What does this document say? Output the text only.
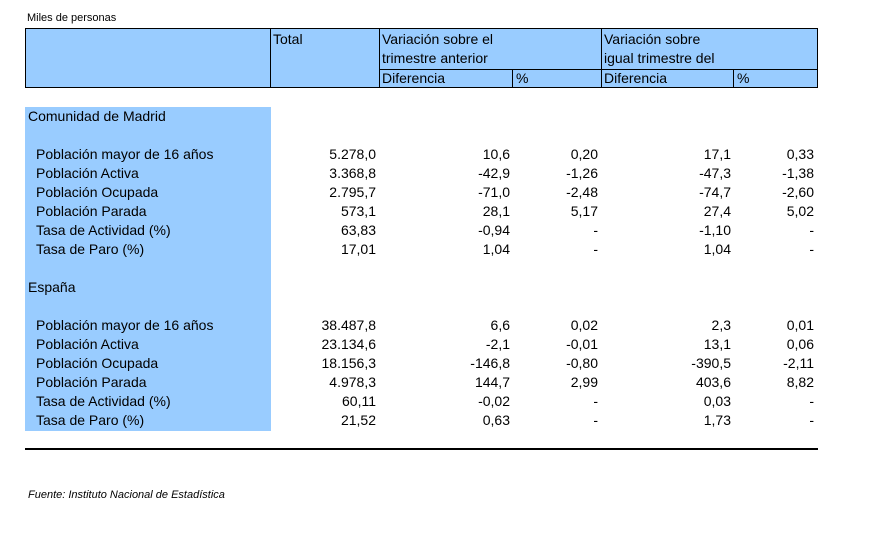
Miles de personas
Total	Variación sobre el
trimestre anterior
Variación sobre
igual trimestre del
Diferencia	%	Diferencia	%
Comunidad de Madrid
Población mayor de 16 años	5.278,0	10,6	0,20	17,1	0,33
Población Activa	3.368,8	-42,9	-1,26	-47,3	-1,38
Población Ocupada	2.795,7	-71,0	-2,48	-74,7	-2,60
Población Parada	573,1	28,1	5,17	27,4	5,02
Tasa de Actividad (%)	63,83	-0,94	-	-1,10	-
Tasa de Paro (%)	17,01	1,04	-	1,04	-
España
Población mayor de 16 años	38.487,8	6,6	0,02	2,3	0,01
Población Activa	23.134,6	-2,1	-0,01	13,1	0,06
Población Ocupada	18.156,3	-146,8	-0,80	-390,5	-2,11
Población Parada	4.978,3	144,7	2,99	403,6	8,82
Tasa de Actividad (%)	60,11	-0,02	-	0,03	-
Tasa de Paro (%)	21,52	0,63	-	1,73	-
Fuente: Instituto Nacional de Estadística
